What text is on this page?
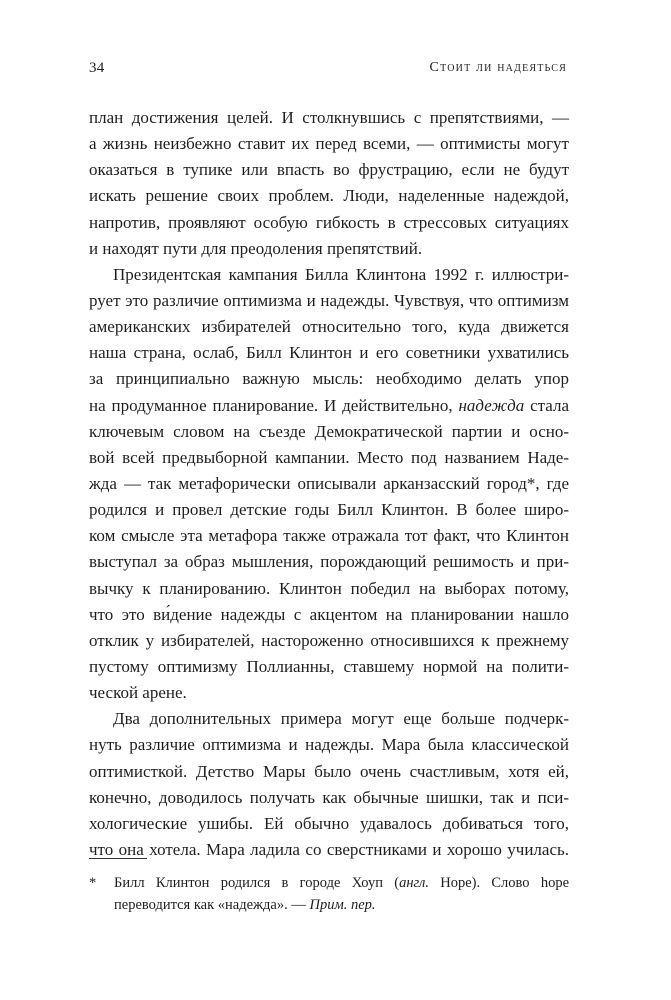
34	Стоит ли надеяться
план достижения целей. И столкнувшись с препятствиями, —
а жизнь неизбежно ставит их перед всеми, — оптимисты могут
оказаться в тупике или впасть во фрустрацию, если не будут
искать решение своих проблем. Люди, наделенные надеждой,
напротив, проявляют особую гибкость в стрессовых ситуациях
и находят пути для преодоления препятствий.
Президентская кампания Билла Клинтона 1992 г. иллюстри-
рует это различие оптимизма и надежды. Чувствуя, что оптимизм
американских избирателей относительно того, куда движется
наша страна, ослаб, Билл Клинтон и его советники ухватились
за принципиально важную мысль: необходимо делать упор
на продуманное планирование. И действительно, надежда стала
ключевым словом на съезде Демократической партии и осно-
вой всей предвыборной кампании. Место под названием Наде-
жда — так метафорически описывали арканзасский город*, где
родился и провел детские годы Билл Клинтон. В более широ-
ком смысле эта метафора также отражала тот факт, что Клинтон
выступал за образ мышления, порождающий решимость и при-
вычку к планированию. Клинтон победил на выборах потому,
что это ви́дение надежды с акцентом на планировании нашло
отклик у избирателей, настороженно относившихся к прежнему
пустому оптимизму Поллианны, ставшему нормой на полити-
ческой арене.
Два дополнительных примера могут еще больше подчерк-
нуть различие оптимизма и надежды. Мара была классической
оптимисткой. Детство Мары было очень счастливым, хотя ей,
конечно, доводилось получать как обычные шишки, так и пси-
хологические ушибы. Ей обычно удавалось добиваться того,
что она хотела. Мара ладила со сверстниками и хорошо училась.
*	Билл Клинтон родился в городе Хоуп (англ. Hope). Слово hope
переводится как «надежда». — Прим. пер.
